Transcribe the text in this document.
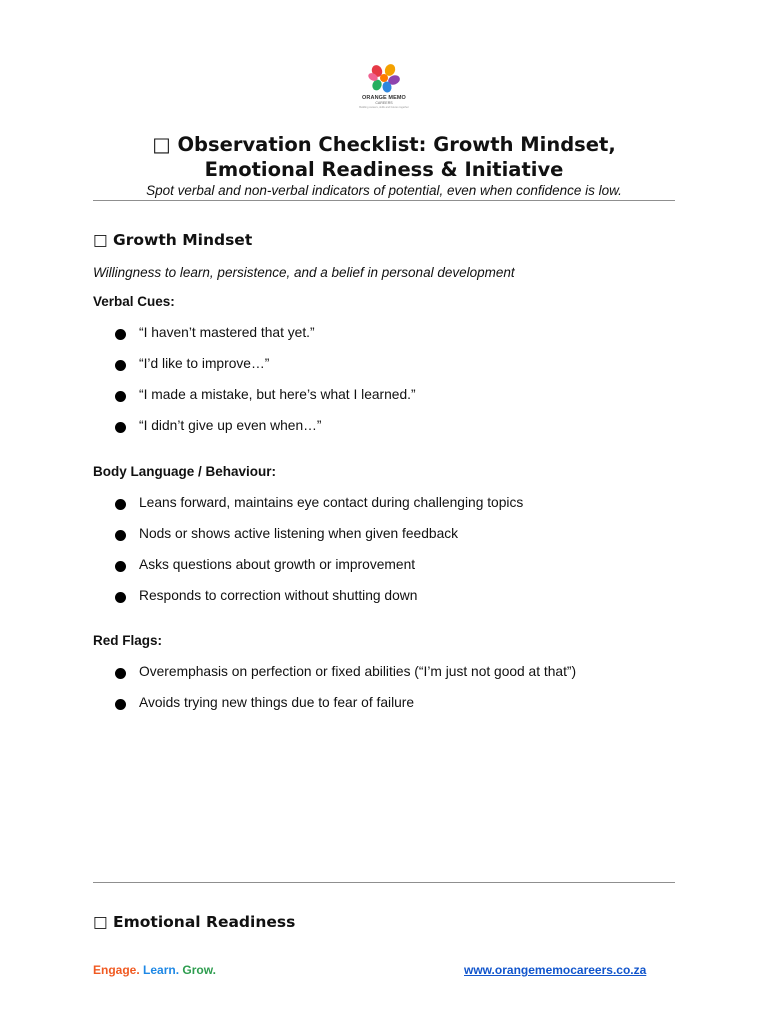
ORANGE MEMO
CAREERS
Building careers, skills and futures together
□ Observation Checklist: Growth Mindset,
Emotional Readiness & Initiative
Spot verbal and non-verbal indicators of potential, even when confidence is low.
□ Growth Mindset
Willingness to learn, persistence, and a belief in personal development
Verbal Cues:
“I haven’t mastered that yet.”
“I’d like to improve…”
“I made a mistake, but here’s what I learned.”
“I didn’t give up even when…”
Body Language / Behaviour:
Leans forward, maintains eye contact during challenging topics
Nods or shows active listening when given feedback
Asks questions about growth or improvement
Responds to correction without shutting down
Red Flags:
Overemphasis on perfection or fixed abilities (“I’m just not good at that”)
Avoids trying new things due to fear of failure
□ Emotional Readiness
Engage. Learn. Grow.	www.orangememocareers.co.za
